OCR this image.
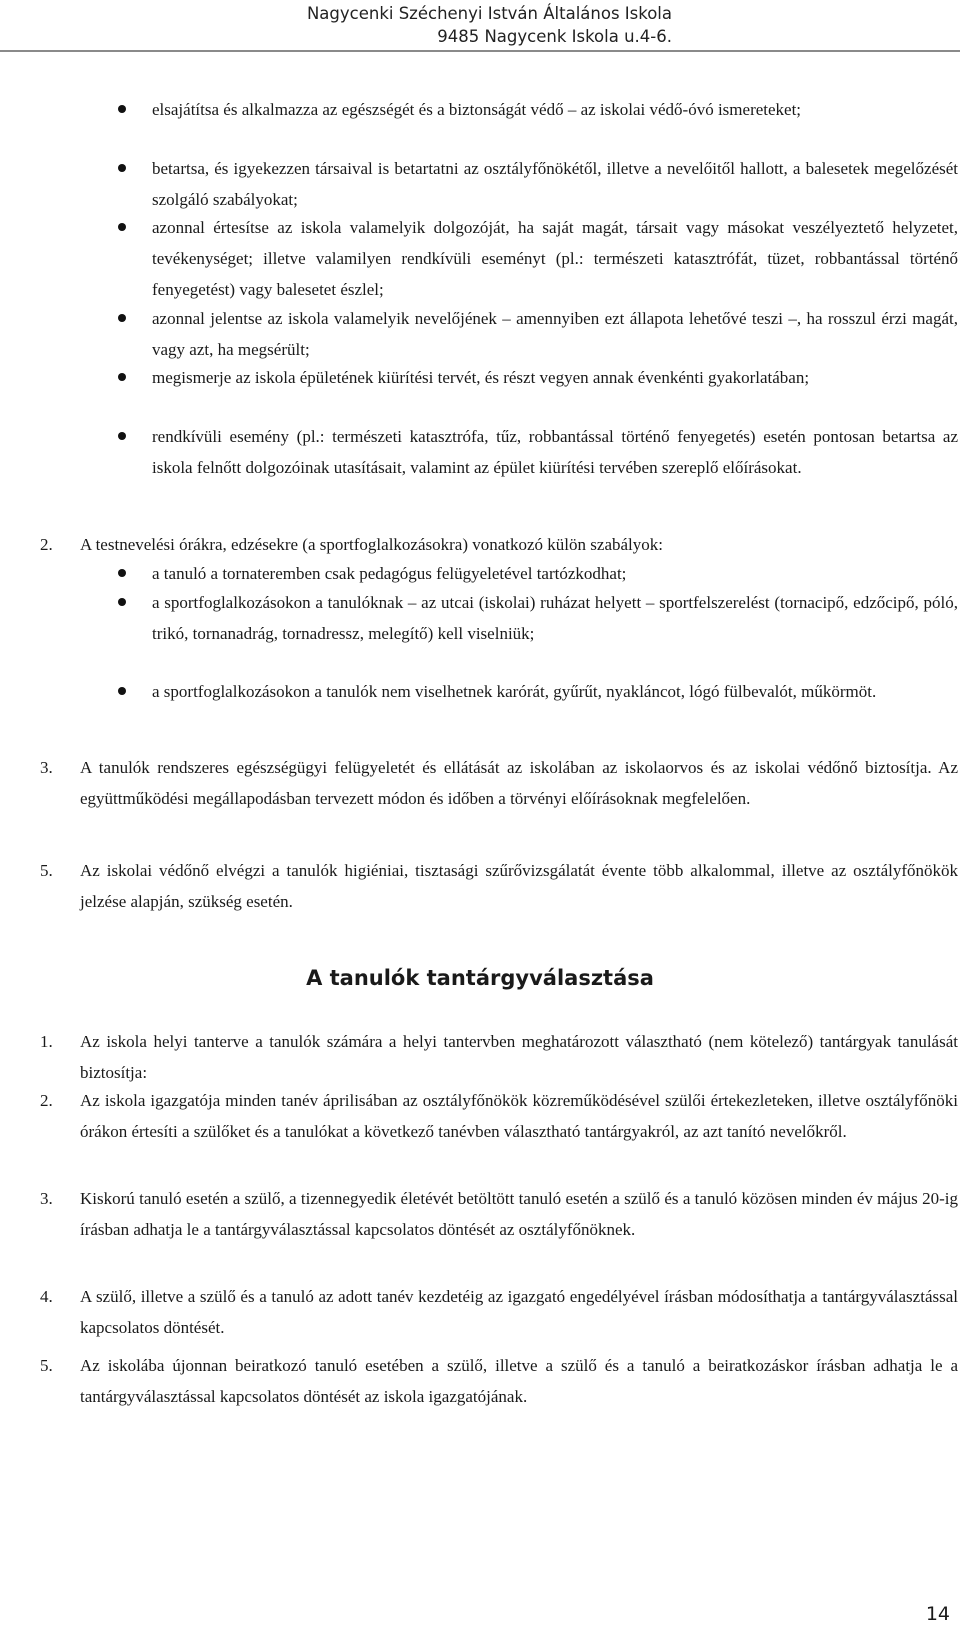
Nagycenki Széchenyi István Általános Iskola
9485 Nagycenk Iskola u.4-6.
elsajátítsa és alkalmazza az egészségét és a biztonságát védő – az iskolai védő-óvó ismereteket;
betartsa, és igyekezzen társaival is betartatni az osztályfőnökétől, illetve a nevelőitől hallott, a balesetek megelőzését szolgáló szabályokat;
azonnal értesítse az iskola valamelyik dolgozóját, ha saját magát, társait vagy másokat veszélyeztető helyzetet, tevékenységet; illetve valamilyen rendkívüli eseményt (pl.: természeti katasztrófát, tüzet, robbantással történő fenyegetést) vagy balesetet észlel;
azonnal jelentse az iskola valamelyik nevelőjének – amennyiben ezt állapota lehetővé teszi –, ha rosszul érzi magát, vagy azt, ha megsérült;
megismerje az iskola épületének kiürítési tervét, és részt vegyen annak évenkénti gyakorlatában;
rendkívüli esemény (pl.: természeti katasztrófa, tűz, robbantással történő fenyegetés) esetén pontosan betartsa az iskola felnőtt dolgozóinak utasításait, valamint az épület kiürítési tervében szereplő előírásokat.
2.	A testnevelési órákra, edzésekre (a sportfoglalkozásokra) vonatkozó külön szabályok:
a tanuló a tornateremben csak pedagógus felügyeletével tartózkodhat;
a sportfoglalkozásokon a tanulóknak – az utcai (iskolai) ruházat helyett – sportfelszerelést (tornacipő, edzőcipő, póló, trikó, tornanadrág, tornadressz, melegítő) kell viselniük;
a sportfoglalkozásokon a tanulók nem viselhetnek karórát, gyűrűt, nyakláncot, lógó fülbevalót, műkörmöt.
3.	A tanulók rendszeres egészségügyi felügyeletét és ellátását az iskolában az iskolaorvos és az iskolai védőnő biztosítja. Az együttműködési megállapodásban tervezett módon és időben a törvényi előírásoknak megfelelően.
5.	Az iskolai védőnő elvégzi a tanulók higiéniai, tisztasági szűrővizsgálatát évente több alkalommal, illetve az osztályfőnökök jelzése alapján, szükség esetén.
A tanulók tantárgyválasztása
1.	Az iskola helyi tanterve a tanulók számára a helyi tantervben meghatározott választható (nem kötelező) tantárgyak tanulását biztosítja:
2.	Az iskola igazgatója minden tanév áprilisában az osztályfőnökök közreműködésével szülői értekezleteken, illetve osztályfőnöki órákon értesíti a szülőket és a tanulókat a következő tanévben választható tantárgyakról, az azt tanító nevelőkről.
3.	Kiskorú tanuló esetén a szülő, a tizennegyedik életévét betöltött tanuló esetén a szülő és a tanuló közösen minden év május 20-ig írásban adhatja le a tantárgyválasztással kapcsolatos döntését az osztályfőnöknek.
4.	A szülő, illetve a szülő és a tanuló az adott tanév kezdetéig az igazgató engedélyével írásban módosíthatja a tantárgyválasztással kapcsolatos döntését.
5.	Az iskolába újonnan beiratkozó tanuló esetében a szülő, illetve a szülő és a tanuló a beiratkozáskor írásban adhatja le a tantárgyválasztással kapcsolatos döntését az iskola igazgatójának.
14
